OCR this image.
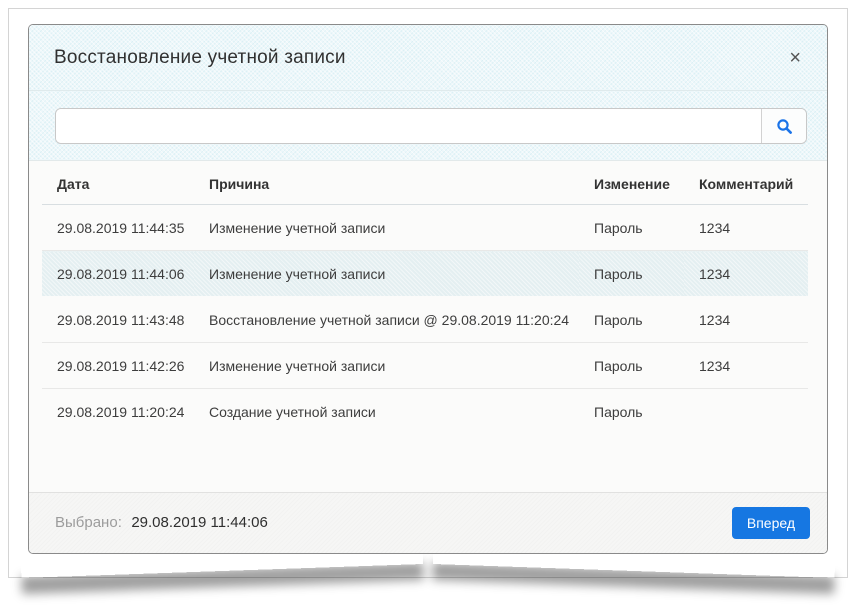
Восстановление учетной записи	×
Дата	Причина	Изменение	Комментарий
29.08.2019 11:44:35	Изменение учетной записи	Пароль	1234
29.08.2019 11:44:06	Изменение учетной записи	Пароль	1234
29.08.2019 11:43:48	Восстановление учетной записи @ 29.08.2019 11:20:24	Пароль	1234
29.08.2019 11:42:26	Изменение учетной записи	Пароль	1234
29.08.2019 11:20:24	Создание учетной записи	Пароль	
Выбрано: 29.08.2019 11:44:06	Вперед
